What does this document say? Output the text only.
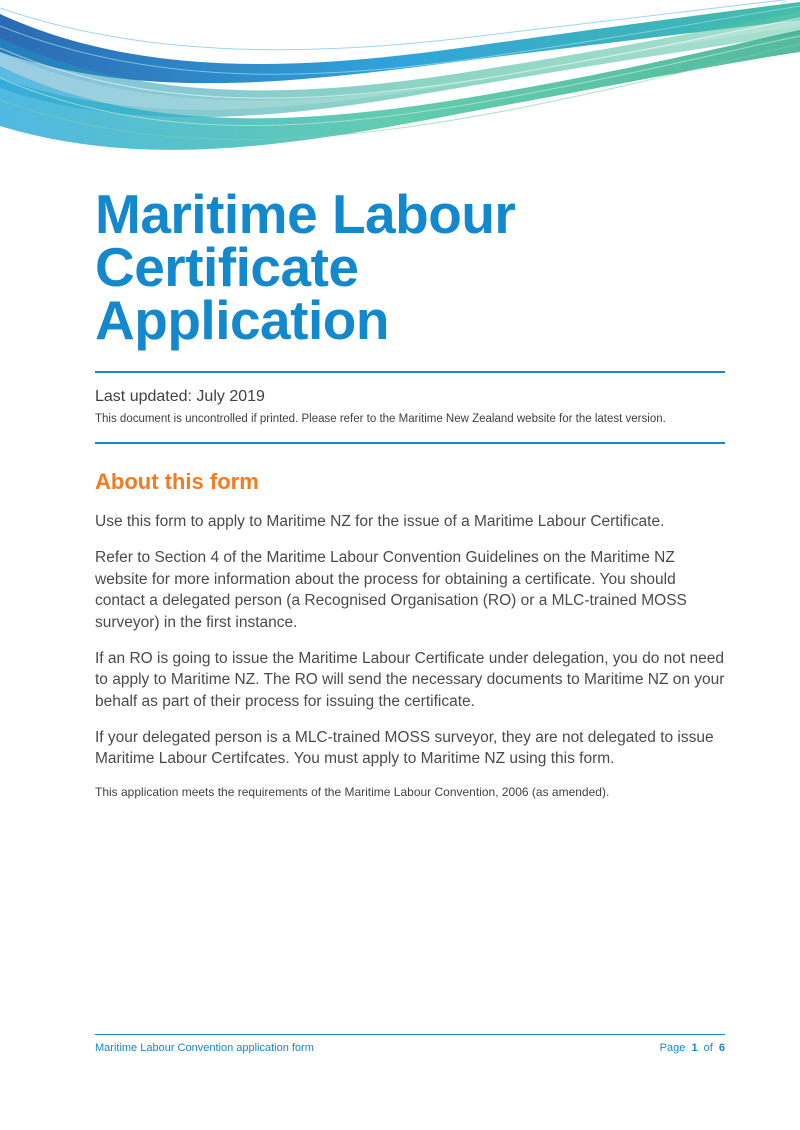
Maritime Labour
Certificate
Application
Last updated: July 2019
This document is uncontrolled if printed. Please refer to the Maritime New Zealand website for the latest version.
About this form

Use this form to apply to Maritime NZ for the issue of a Maritime Labour Certificate.

Refer to Section 4 of the Maritime Labour Convention Guidelines on the Maritime NZ website for more information about the process for obtaining a certificate. You should contact a delegated person (a Recognised Organisation (RO) or a MLC-trained MOSS surveyor) in the first instance.

If an RO is going to issue the Maritime Labour Certificate under delegation, you do not need to apply to Maritime NZ. The RO will send the necessary documents to Maritime NZ on your behalf as part of their process for issuing the certificate.

If your delegated person is a MLC-trained MOSS surveyor, they are not delegated to issue Maritime Labour Certifcates. You must apply to Maritime NZ using this form.

This application meets the requirements of the Maritime Labour Convention, 2006 (as amended).
Maritime Labour Convention application form	Page 1 of 6
